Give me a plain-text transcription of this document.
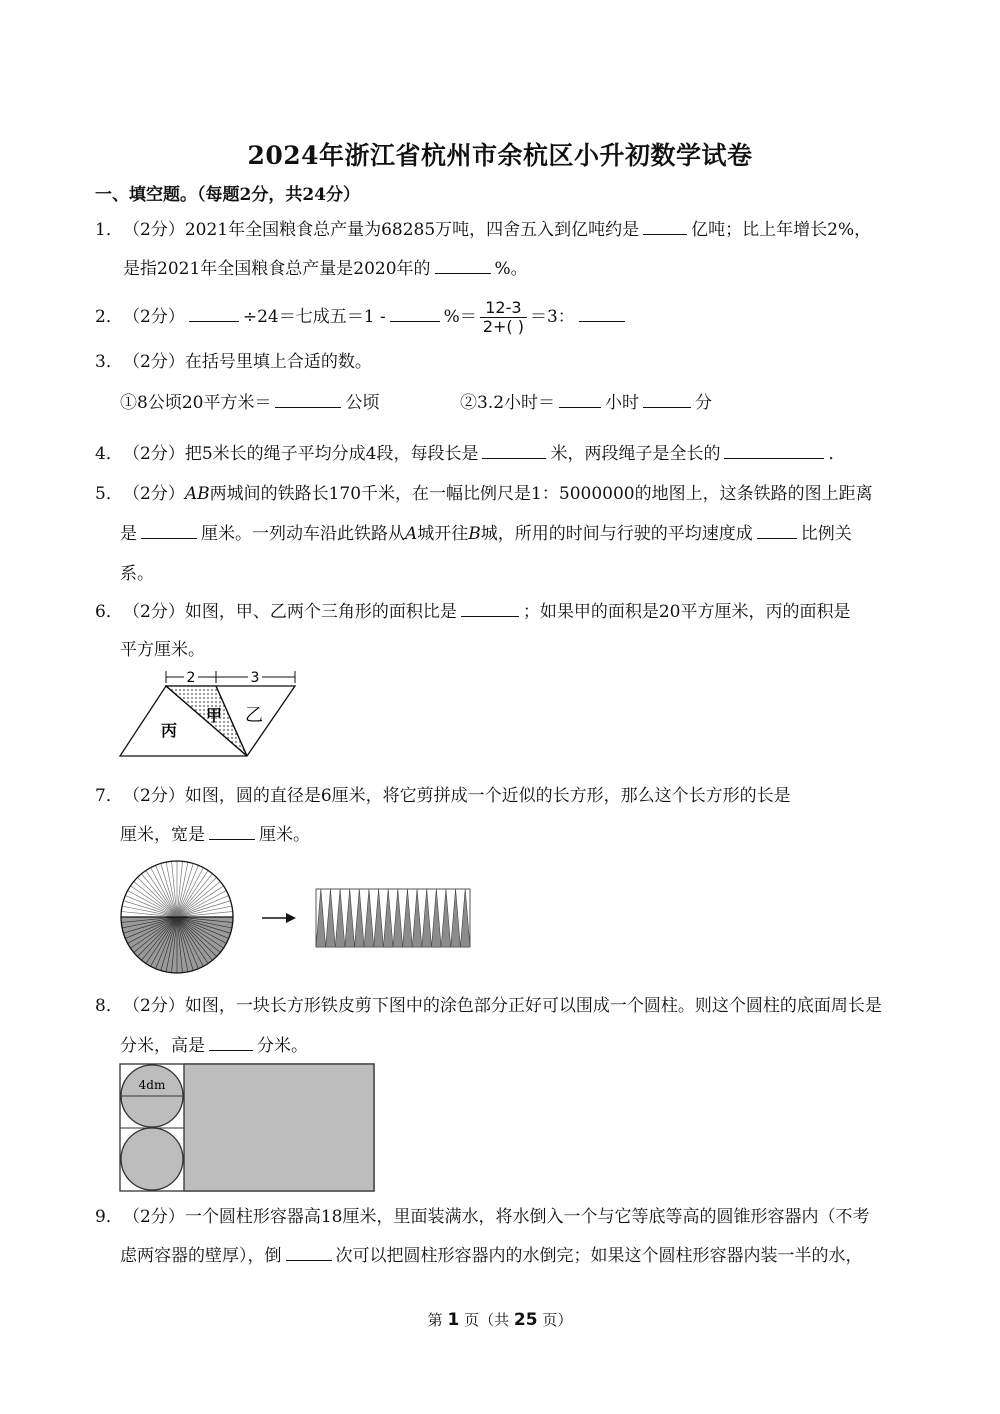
2024年浙江省杭州市余杭区小升初数学试卷
一、填空题。（每题2分，共24分）
1．（2分）2021年全国粮食总产量为68285万吨，四舍五入到亿吨约是	亿吨；比上年增长2%，
是指2021年全国粮食总产量是2020年的	%。
2．（2分）	÷24＝七成五＝1 -	%＝ $\frac{12-3}{2+( )} =3$：
3．（2分）在括号里填上合适的数。
①8公顷20平方米＝	公顷	②3.2小时＝	小时	分
4．（2分）把5米长的绳子平均分成4段，每段长是	米，两段绳子是全长的	．
5．（2分）AB两城间的铁路长170千米，在一幅比例尺是1：5000000的地图上，这条铁路的图上距离
是	厘米。一列动车沿此铁路从A城开往B城，所用的时间与行驶的平均速度成	比例关
系。
6．（2分）如图，甲、乙两个三角形的面积比是	；如果甲的面积是20平方厘米，丙的面积是
平方厘米。
2	3
甲 乙
丙
7．（2分）如图，圆的直径是6厘米，将它剪拼成一个近似的长方形，那么这个长方形的长是
厘米，宽是	厘米。
8．（2分）如图，一块长方形铁皮剪下图中的涂色部分正好可以围成一个圆柱。则这个圆柱的底面周长是
分米，高是	分米。
4dm
9．（2分）一个圆柱形容器高18厘米，里面装满水，将水倒入一个与它等底等高的圆锥形容器内（不考
虑两容器的壁厚），倒	次可以把圆柱形容器内的水倒完；如果这个圆柱形容器内装一半的水，
第 1 页（共 25 页）
